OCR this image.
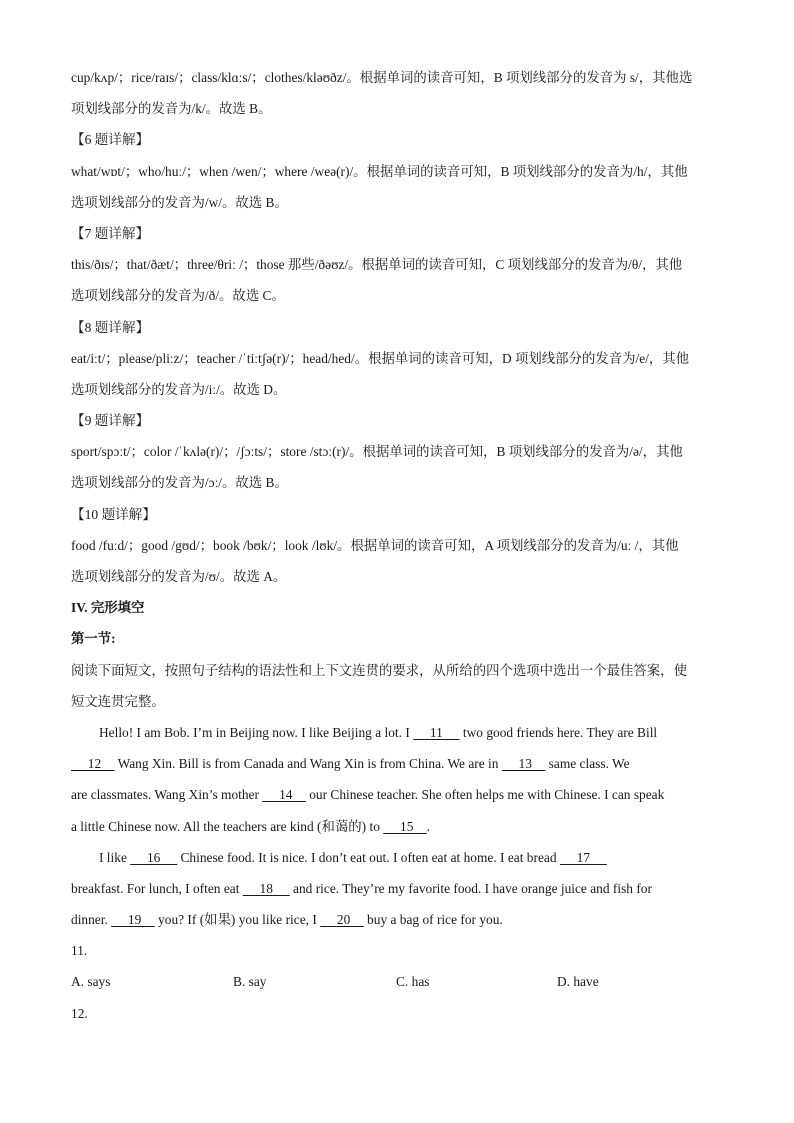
cup/kʌp/；rice/raɪs/；class/klɑːs/；clothes/kləʊðz/。根据单词的读音可知，B 项划线部分的发音为 s/，其他选
项划线部分的发音为/k/。故选 B。
【6 题详解】
what/wɒt/；who/huː/；when /wen/；where /weə(r)/。根据单词的读音可知，B 项划线部分的发音为/h/，其他
选项划线部分的发音为/w/。故选 B。
【7 题详解】
this/ðɪs/；that/ðæt/；three/θriː /；those 那些/ðəʊz/。根据单词的读音可知，C 项划线部分的发音为/θ/，其他
选项划线部分的发音为/ð/。故选 C。
【8 题详解】
eat/iːt/；please/pliːz/；teacher /ˈtiːtʃə(r)/；head/hed/。根据单词的读音可知，D 项划线部分的发音为/e/，其他
选项划线部分的发音为/iː/。故选 D。
【9 题详解】
sport/spɔːt/；color /ˈkʌlə(r)/；/ʃɔːts/；store /stɔː(r)/。根据单词的读音可知，B 项划线部分的发音为/ə/，其他
选项划线部分的发音为/ɔː/。故选 B。
【10 题详解】
food /fuːd/；good /gʊd/；book /bʊk/；look /lʊk/。根据单词的读音可知，A 项划线部分的发音为/uː /，其他
选项划线部分的发音为/ʊ/。故选 A。
IV. 完形填空
第一节:
阅读下面短文，按照句子结构的语法性和上下文连贯的要求，从所给的四个选项中选出一个最佳答案，使
短文连贯完整。
Hello! I am Bob. I’m in Beijing now. I like Beijing a lot. I      11      two good friends here. They are Bill
12     Wang Xin. Bill is from Canada and Wang Xin is from China. We are in      13     same class. We
are classmates. Wang Xin’s mother      14     our Chinese teacher. She often helps me with Chinese. I can speak
a little Chinese now. All the teachers are kind (和蔼的) to      15 .
I like      16      Chinese food. It is nice. I don’t eat out. I often eat at home. I eat bread      17
breakfast. For lunch, I often eat      18      and rice. They’re my favorite food. I have orange juice and fish for
dinner.      19     you? If (如果) you like rice, I      20     buy a bag of rice for you.
11.
A. says	B. say	C. has	D. have
12.
